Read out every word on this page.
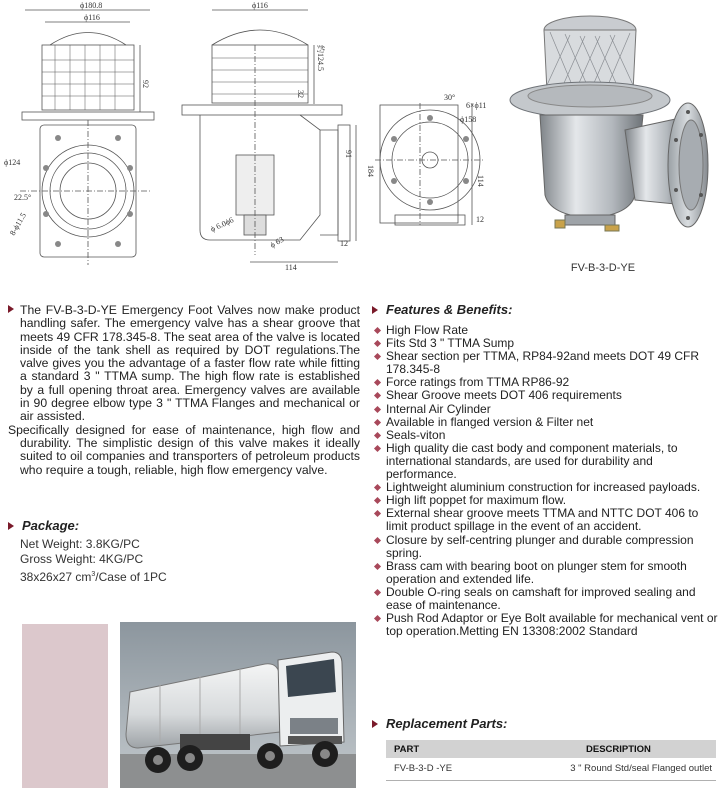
ϕ180.8
ϕ116
92
ϕ124
22.5°
8-ϕ11.5
ϕ116
约124.5
32
ϕ 63
91
12
114
ϕ 6.0ϕ6
30°
6×ϕ11
ϕ158
184
114
12
FV-B-3-D-YE
The FV-B-3-D-YE Emergency Foot Valves now make product handling safer. The emergency valve has a shear groove that meets 49 CFR 178.345-8. The seat area of the valve is located inside of the tank shell as required by DOT regulations.The valve gives you the advantage of a faster flow rate while fitting a standard 3 " TTMA sump. The high flow rate is established by a full opening throat area. Emergency valves are available in 90 degree elbow type 3 " TTMA Flanges and mechanical or air assisted.
Specifically designed for ease of maintenance, high flow and durability. The simplistic design of this valve makes it ideally suited to oil companies and transporters of petroleum products who require a tough, reliable, high flow emergency valve.
Package:
Net Weight: 3.8KG/PC
Gross Weight: 4KG/PC
38x26x27 $cm^3$/Case of 1PC
Features & Benefits:
High Flow Rate
Fits Std 3 " TTMA Sump
Shear section per TTMA, RP84-92and meets DOT 49 CFR 178.345-8
Force ratings from TTMA RP86-92
Shear Groove meets DOT 406 requirements
Internal Air Cylinder
Available in flanged version & Filter net
Seals-viton
High quality die cast body and component materials, to international standards, are used for durability and performance.
Lightweight aluminium construction for increased payloads.
High lift poppet for maximum flow.
External shear groove meets TTMA and NTTC DOT 406 to limit product spillage in the event of an accident.
Closure by self-centring plunger and durable compression spring.
Brass cam with bearing boot on plunger stem for smooth operation and extended life.
Double O-ring seals on camshaft for improved sealing and ease of maintenance.
Push Rod Adaptor or Eye Bolt available for mechanical vent or top operation.Metting EN 13308:2002 Standard
Replacement Parts:
PART	DESCRIPTION
FV-B-3-D -YE	3 " Round Std/seal Flanged outlet
